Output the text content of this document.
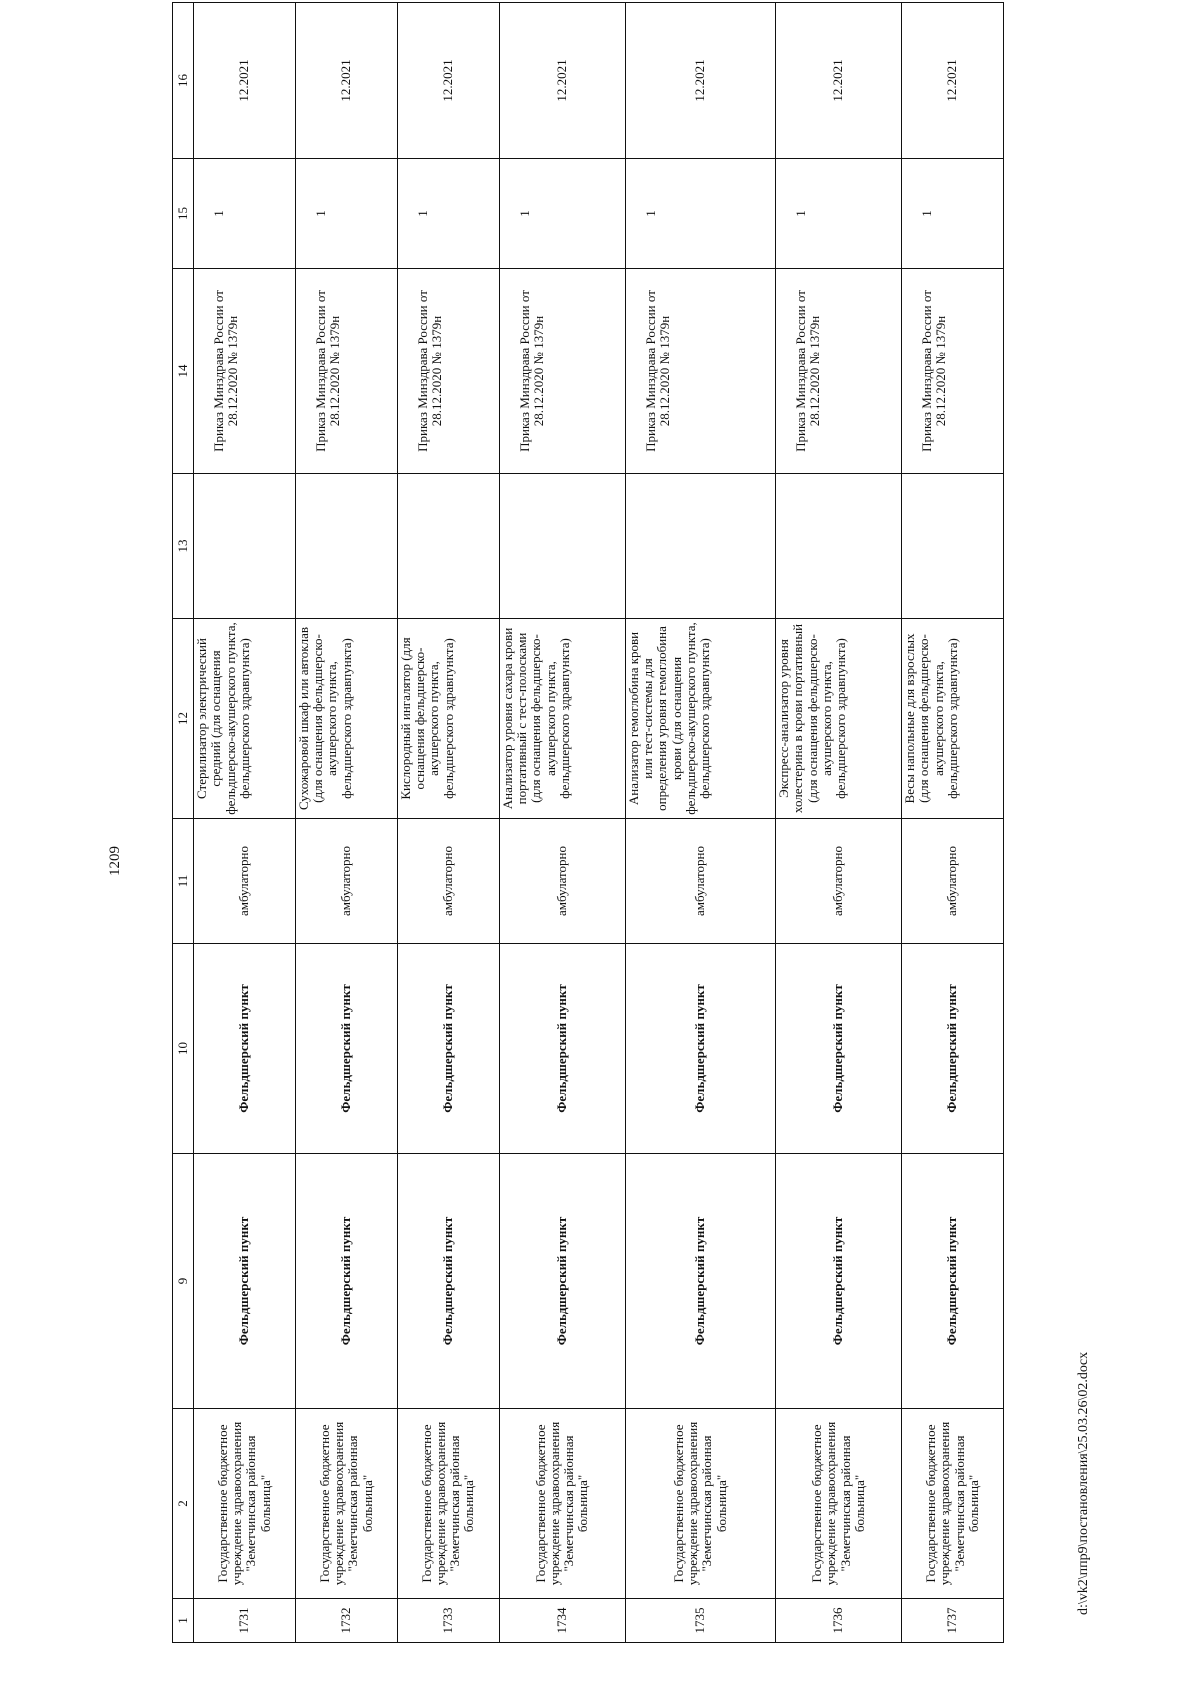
1209
1	2	9	10	11	12	13	14	15	16
1731	Государственное бюджетное учреждение здравоохранения "Земетчинская районная больница"	Фельдшерский пункт	Фельдшерский пункт	амбулаторно	Стерилизатор электрический средний (для оснащения фельдшерско-акушерского пункта, фельдшерского здравпункта)		Приказ Минздрава России от 28.12.2020 № 1379н	1	12.2021
1732	Государственное бюджетное учреждение здравоохранения "Земетчинская районная больница"	Фельдшерский пункт	Фельдшерский пункт	амбулаторно	Сухожаровой шкаф или автоклав (для оснащения фельдшерско-акушерского пункта, фельдшерского здравпункта)		Приказ Минздрава России от 28.12.2020 № 1379н	1	12.2021
1733	Государственное бюджетное учреждение здравоохранения "Земетчинская районная больница"	Фельдшерский пункт	Фельдшерский пункт	амбулаторно	Кислородный ингалятор (для оснащения фельдшерско-акушерского пункта, фельдшерского здравпункта)		Приказ Минздрава России от 28.12.2020 № 1379н	1	12.2021
1734	Государственное бюджетное учреждение здравоохранения "Земетчинская районная больница"	Фельдшерский пункт	Фельдшерский пункт	амбулаторно	Анализатор уровня сахара крови портативный с тест-полосками (для оснащения фельдшерско-акушерского пункта, фельдшерского здравпункта)		Приказ Минздрава России от 28.12.2020 № 1379н	1	12.2021
1735	Государственное бюджетное учреждение здравоохранения "Земетчинская районная больница"	Фельдшерский пункт	Фельдшерский пункт	амбулаторно	Анализатор гемоглобина крови или тест-системы для определения уровня гемоглобина крови (для оснащения фельдшерско-акушерского пункта, фельдшерского здравпункта)		Приказ Минздрава России от 28.12.2020 № 1379н	1	12.2021
1736	Государственное бюджетное учреждение здравоохранения "Земетчинская районная больница"	Фельдшерский пункт	Фельдшерский пункт	амбулаторно	Экспресс-анализатор уровня холестерина в крови портативный (для оснащения фельдшерско-акушерского пункта, фельдшерского здравпункта)		Приказ Минздрава России от 28.12.2020 № 1379н	1	12.2021
1737	Государственное бюджетное учреждение здравоохранения "Земетчинская районная больница"	Фельдшерский пункт	Фельдшерский пункт	амбулаторно	Весы напольные для взрослых (для оснащения фельдшерско-акушерского пункта, фельдшерского здравпункта)		Приказ Минздрава России от 28.12.2020 № 1379н	1	12.2021
d:\vk2\ппр9\постановления\25.03.26\02.docx
